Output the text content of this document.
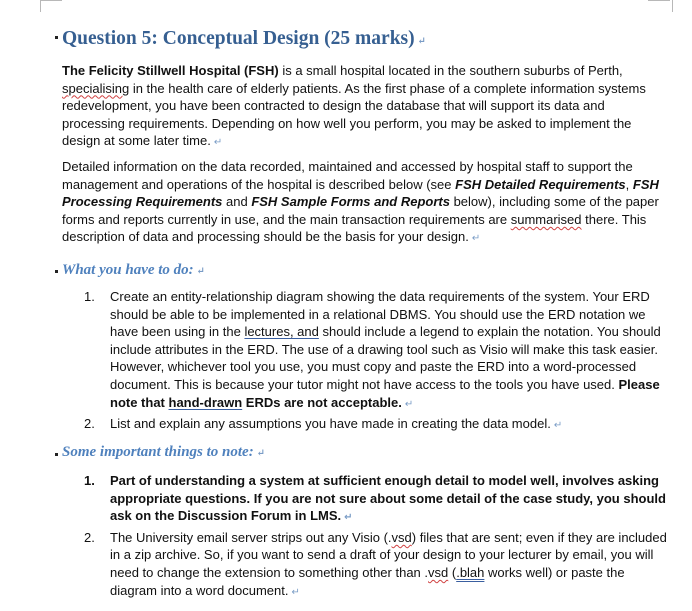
Question 5: Conceptual Design (25 marks) ↵

The Felicity Stillwell Hospital (FSH) is a small hospital located in the southern suburbs of Perth, specialising in the health care of elderly patients. As the first phase of a complete information systems redevelopment, you have been contracted to design the database that will support its data and processing requirements. Depending on how well you perform, you may be asked to implement the design at some later time. ↵

Detailed information on the data recorded, maintained and accessed by hospital staff to support the management and operations of the hospital is described below (see FSH Detailed Requirements, FSH Processing Requirements and FSH Sample Forms and Reports below), including some of the paper forms and reports currently in use, and the main transaction requirements are summarised there. This description of data and processing should be the basis for your design. ↵

What you have to do: ↵
1. Create an entity-relationship diagram showing the data requirements of the system. Your ERD should be able to be implemented in a relational DBMS. You should use the ERD notation we have been using in the lectures, and should include a legend to explain the notation. You should include attributes in the ERD. The use of a drawing tool such as Visio will make this task easier. However, whichever tool you use, you must copy and paste the ERD into a word-processed document. This is because your tutor might not have access to the tools you have used. Please note that hand-drawn ERDs are not acceptable. ↵
2. List and explain any assumptions you have made in creating the data model. ↵
Some important things to note: ↵
1. Part of understanding a system at sufficient enough detail to model well, involves asking appropriate questions. If you are not sure about some detail of the case study, you should ask on the Discussion Forum in LMS. ↵
2. The University email server strips out any Visio (.vsd) files that are sent; even if they are included in a zip archive. So, if you want to send a draft of your design to your lecturer by email, you will need to change the extension to something other than .vsd (.blah works well) or paste the diagram into a word document. ↵
